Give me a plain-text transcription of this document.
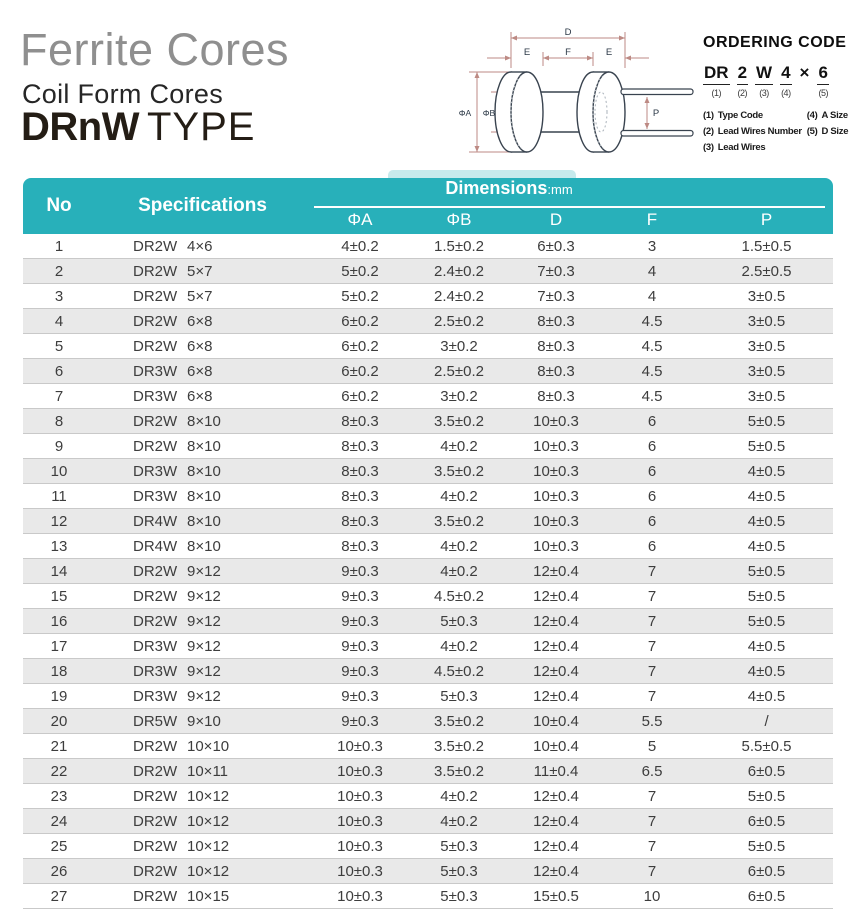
Ferrite Cores
Coil Form Cores
DRnW TYPE
D
E	F	E
ΦA ΦB	P
ORDERING CODE
DR
(1)
2
(2)
W
(3)
4
(4)
× 6
(5)
(1) Type Code
(2) Lead Wires Number
(3) Lead Wires
(4) A Size
(5) D Size
No	Specifications	Dimensions:mm				

		ΦA	ΦB	D	F	P
1	DR2W 4×6	4±0.2	1.5±0.2	6±0.3	3	1.5±0.5
2	DR2W 5×7	5±0.2	2.4±0.2	7±0.3	4	2.5±0.5
3	DR2W 5×7	5±0.2	2.4±0.2	7±0.3	4	3±0.5
4	DR2W 6×8	6±0.2	2.5±0.2	8±0.3	4.5	3±0.5
5	DR2W 6×8	6±0.2	3±0.2	8±0.3	4.5	3±0.5
6	DR3W 6×8	6±0.2	2.5±0.2	8±0.3	4.5	3±0.5
7	DR3W 6×8	6±0.2	3±0.2	8±0.3	4.5	3±0.5
8	DR2W 8×10	8±0.3	3.5±0.2	10±0.3	6	5±0.5
9	DR2W 8×10	8±0.3	4±0.2	10±0.3	6	5±0.5
10	DR3W 8×10	8±0.3	3.5±0.2	10±0.3	6	4±0.5
11	DR3W 8×10	8±0.3	4±0.2	10±0.3	6	4±0.5
12	DR4W 8×10	8±0.3	3.5±0.2	10±0.3	6	4±0.5
13	DR4W 8×10	8±0.3	4±0.2	10±0.3	6	4±0.5
14	DR2W 9×12	9±0.3	4±0.2	12±0.4	7	5±0.5
15	DR2W 9×12	9±0.3	4.5±0.2	12±0.4	7	5±0.5
16	DR2W 9×12	9±0.3	5±0.3	12±0.4	7	5±0.5
17	DR3W 9×12	9±0.3	4±0.2	12±0.4	7	4±0.5
18	DR3W 9×12	9±0.3	4.5±0.2	12±0.4	7	4±0.5
19	DR3W 9×12	9±0.3	5±0.3	12±0.4	7	4±0.5
20	DR5W 9×10	9±0.3	3.5±0.2	10±0.4	5.5	/
21	DR2W 10×10	10±0.3	3.5±0.2	10±0.4	5	5.5±0.5
22	DR2W 10×11	10±0.3	3.5±0.2	11±0.4	6.5	6±0.5
23	DR2W 10×12	10±0.3	4±0.2	12±0.4	7	5±0.5
24	DR2W 10×12	10±0.3	4±0.2	12±0.4	7	6±0.5
25	DR2W 10×12	10±0.3	5±0.3	12±0.4	7	5±0.5
26	DR2W 10×12	10±0.3	5±0.3	12±0.4	7	6±0.5
27	DR2W 10×15	10±0.3	5±0.3	15±0.5	10	6±0.5
